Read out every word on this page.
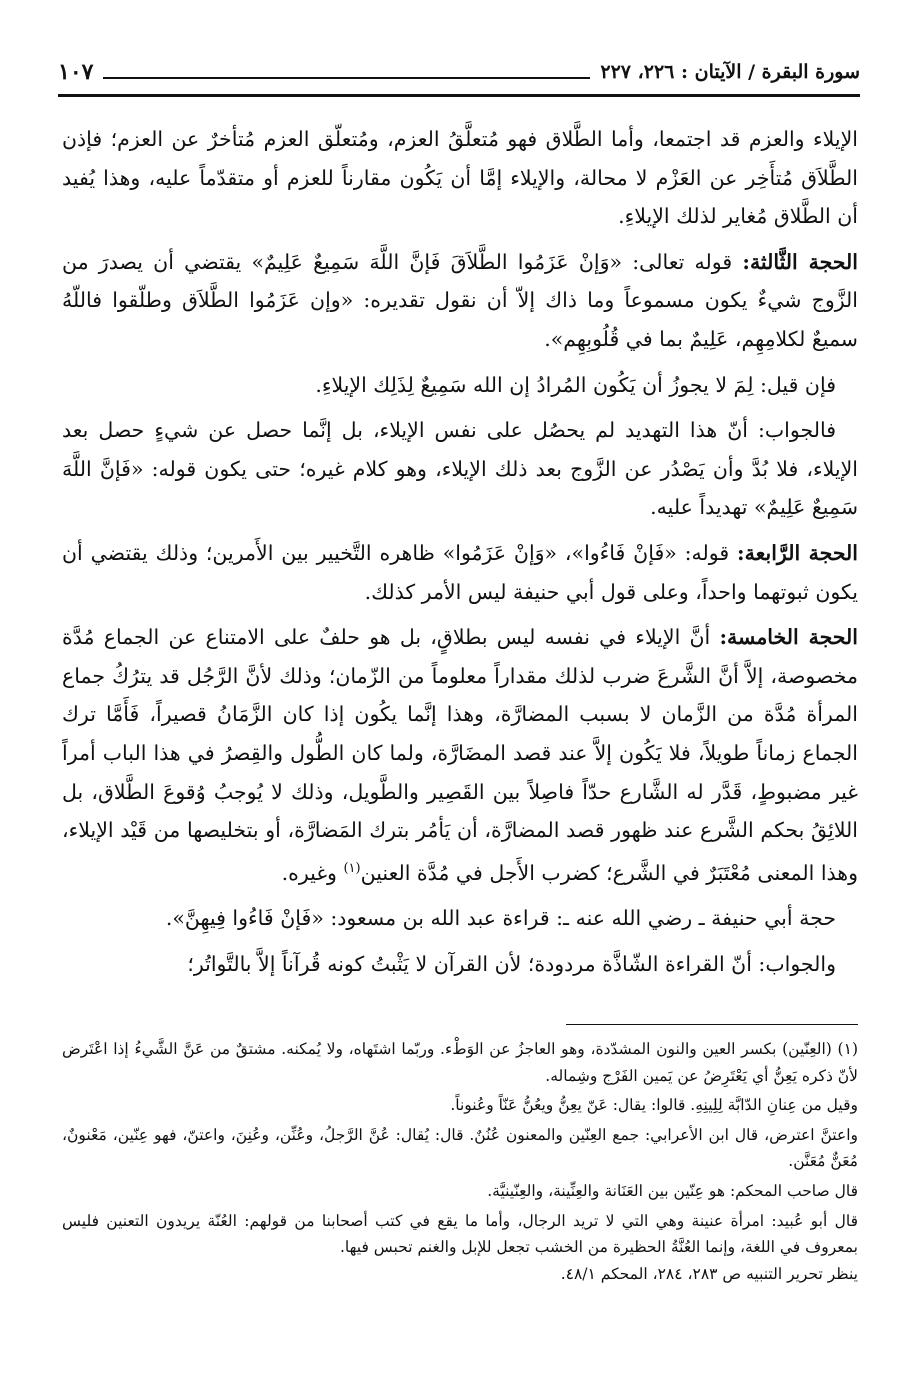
سورة البقرة / الآيتان : ٢٢٦، ٢٢٧
١٠٧

الإيلاء والعزم قد اجتمعا، وأما الطَّلاق فهو مُتعلَّقُ العزم، ومُتعلّق العزم مُتأخرٌ عن العزم؛ فإذن الطَّلاَق مُتأَخِر عن العَزْم لا محالة، والإيلاء إمَّا أن يَكُون مقارناً للعزم أو متقدّماً عليه، وهذا يُفيد أن الطَّلاق مُغاير لذلك الإيلاءِ.

الحجة الثَّالثة: قوله تعالى: «وَإنْ عَزَمُوا الطَّلاَقَ فَإنَّ اللَّهَ سَمِيعٌ عَلِيمٌ» يقتضي أن يصدرَ من الزَّوج شيءٌ يكون مسموعاً وما ذاك إلاّ أن نقول تقديره: «وإن عَزَمُوا الطَّلاَق وطلّقوا فاللّهُ سميعٌ لكلامِهِم، عَلِيمٌ بما في قُلُوبِهِم».

فإن قيل: لِمَ لا يجوزُ أن يَكُون المُرادُ إن الله سَمِيعٌ لِذَلِك الإيلاءِ.

فالجواب: أنّ هذا التهديد لم يحصُل على نفس الإيلاء، بل إنَّما حصل عن شيءٍ حصل بعد الإيلاء، فلا بُدَّ وأن يَصْدُر عن الزَّوج بعد ذلك الإيلاء، وهو كلام غيره؛ حتى يكون قوله: «فَإنَّ اللَّهَ سَمِيعٌ عَلِيمٌ» تهديداً عليه.

الحجة الرَّابعة: قوله: «فَإنْ فَاءُوا»، «وَإنْ عَزَمُوا» ظاهره التَّخيير بين الأَمرين؛ وذلك يقتضي أن يكون ثبوتهما واحداً، وعلى قول أبي حنيفة ليس الأمر كذلك.

الحجة الخامسة: أنَّ الإيلاء في نفسه ليس بطلاقٍ، بل هو حلفٌ على الامتناع عن الجماع مُدَّة مخصوصة، إلاَّ أنَّ الشَّرعَ ضرب لذلك مقداراً معلوماً من الزّمان؛ وذلك لأنَّ الرَّجُل قد يترُكُ جماع المرأة مُدَّة من الزَّمان لا بسبب المضارَّة، وهذا إنَّما يكُون إذا كان الزَّمَانُ قصيراً، فَأَمَّا ترك الجماع زماناً طويلاً، فلا يَكُون إلاَّ عند قصد المضَارَّة، ولما كان الطُّول والقِصرُ في هذا الباب أمراً غير مضبوطٍ، قَدَّر له الشَّارع حدّاً فاصِلاً بين القَصِير والطَّويل، وذلك لا يُوجبُ وُقوعَ الطَّلاق، بل اللائِقُ بحكم الشَّرع عند ظهور قصد المضارَّة، أن يَأمُر بترك المَضارَّة، أو بتخليصها من قَيْد الإيلاء، وهذا المعنى مُعْتَبَرٌ في الشَّرع؛ كضرب الأَجل في مُدَّة العنين$^{(١)}$ وغيره.

حجة أبي حنيفة ـ رضي الله عنه ـ: قراءة عبد الله بن مسعود: «فَإنْ فَاءُوا فِيهِنَّ».

والجواب: أنّ القراءة الشّاذَّة مردودة؛ لأن القرآن لا يَثْبتُ كونه قُرآناً إلاَّ بالتَّواتُر؛

(١) (العِنّين) بكسر العين والنون المشدّدة، وهو العاجزُ عن الوَطْء. وربّما اشتَهاه، ولا يُمكنه. مشتقٌ من عَنَّ الشَّيءُ إذا اعْتَرض لأنّ ذكره يَعِنُّ أي يَعْتَرِضُ عن يَمين الفَرْج وشِماله.

وقيل من عِنانِ الدّابَّة لِلِينِهِ. قالوا: يقال: عَنّ يعِنُّ ويعُنُّ عَنّاً وعُنوناً.

واعتنَّ اعترض، قال ابن الأعرابي: جمع العِنّين والمعنون عُنُنٌ. قال: يُقال: عُنَّ الرَّجلُ، وعُنِّن، وعُنِنَ، واعتنّ، فهو عِنّين، مَعْنونٌ، مُعَنٌّ مُعَنَّن.

قال صاحب المحكم: هو عِنّين بين العَنَانة والعِنِّينة، والعِنّينيَّة.

قال أبو عُبيد: امرأة عنينة وهي التي لا تريد الرجال، وأما ما يقع في كتب أصحابنا من قولهم: العُنّة يريدون التعنين فليس بمعروف في اللغة، وإنما العُنَّةُ الحظيرة من الخشب تجعل للإبل والغنم تحبس فيها.

ينظر تحرير التنبيه ص ٢٨٣، ٢٨٤، المحكم ٤٨/١.
